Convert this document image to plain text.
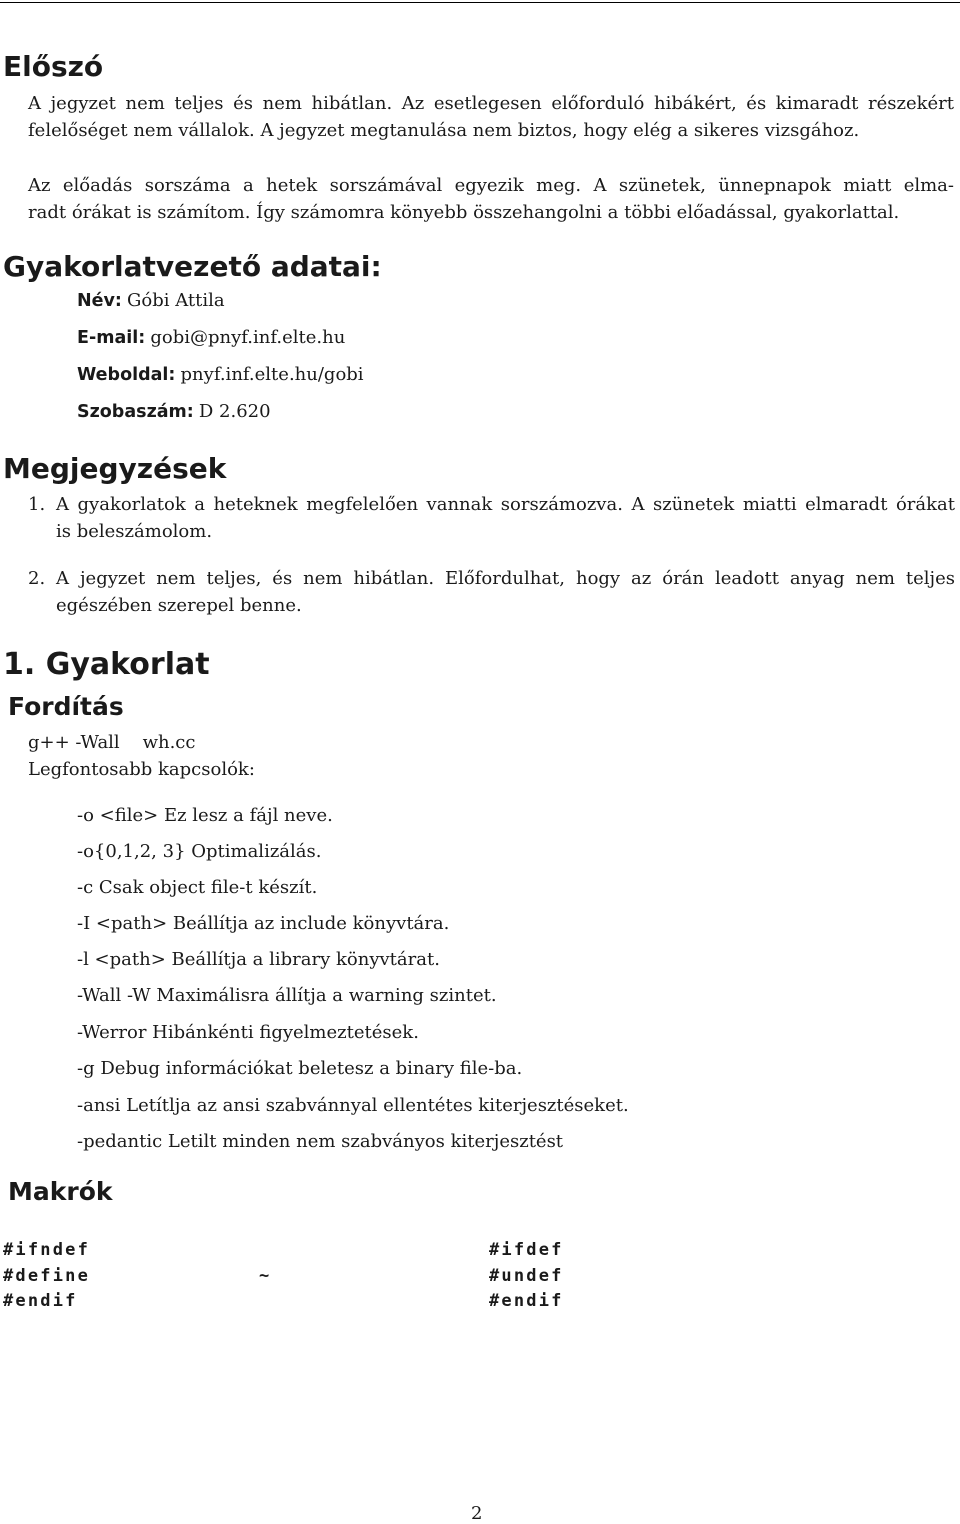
Előszó
A jegyzet nem teljes és nem hibátlan. Az esetlegesen előforduló hibákért, és kimaradt részekért
felelőséget nem vállalok. A jegyzet megtanulása nem biztos, hogy elég a sikeres vizsgához.
Az előadás sorszáma a hetek sorszámával egyezik meg. A szünetek, ünnepnapok miatt elma-
radt órákat is számítom. Így számomra könyebb összehangolni a többi előadással, gyakorlattal.
Gyakorlatvezető adatai:
Név: Góbi Attila
E-mail: gobi@pnyf.inf.elte.hu
Weboldal: pnyf.inf.elte.hu/gobi
Szobaszám: D 2.620
Megjegyzések
1. A gyakorlatok a heteknek megfelelően vannak sorszámozva. A szünetek miatti elmaradt órákat
is beleszámolom.
2. A jegyzet nem teljes, és nem hibátlan. Előfordulhat, hogy az órán leadott anyag nem teljes
egészében szerepel benne.
1. Gyakorlat
Fordítás
g++ -Wall    wh.cc
Legfontosabb kapcsolók:
-o <file> Ez lesz a fájl neve.
-o{0,1,2, 3} Optimalizálás.
-c Csak object file-t készít.
-I <path> Beállítja az include könyvtára.
-l <path> Beállítja a library könyvtárat.
-Wall -W Maximálisra állítja a warning szintet.
-Werror Hibánkénti figyelmeztetések.
-g Debug információkat beletesz a binary file-ba.
-ansi Letítlja az ansi szabvánnyal ellentétes kiterjesztéseket.
-pedantic Letilt minden nem szabványos kiterjesztést
Makrók
#ifndef
#define
#endif
~
#ifdef
#undef
#endif
2
